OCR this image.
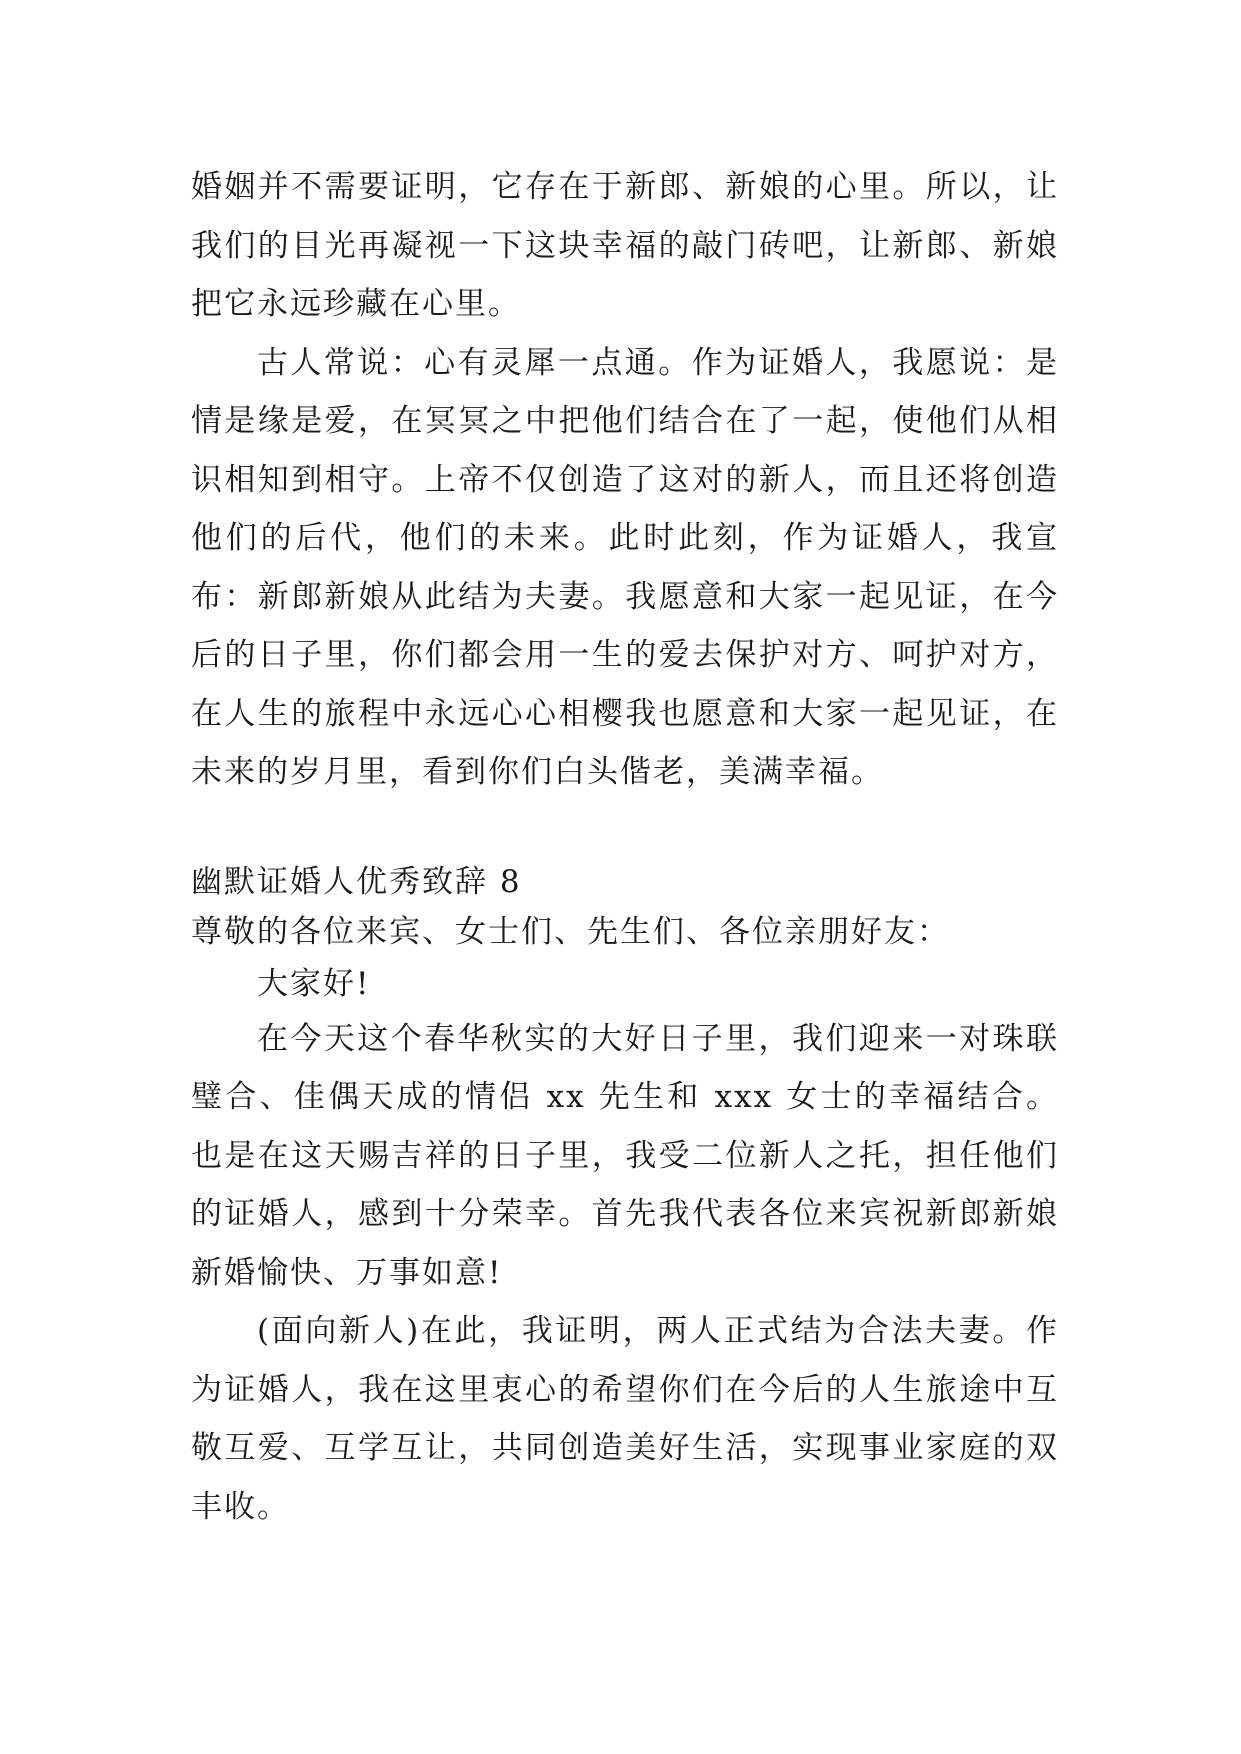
婚姻并不需要证明，它存在于新郎、新娘的心里。所以，让我们的目光再凝视一下这块幸福的敲门砖吧，让新郎、新娘把它永远珍藏在心里。

古人常说：心有灵犀一点通。作为证婚人，我愿说：是情是缘是爱，在冥冥之中把他们结合在了一起，使他们从相识相知到相守。上帝不仅创造了这对的新人，而且还将创造他们的后代，他们的未来。此时此刻，作为证婚人，我宣布：新郎新娘从此结为夫妻。我愿意和大家一起见证，在今后的日子里，你们都会用一生的爱去保护对方、呵护对方，在人生的旅程中永远心心相樱我也愿意和大家一起见证，在未来的岁月里，看到你们白头偕老，美满幸福。

幽默证婚人优秀致辞 8

尊敬的各位来宾、女士们、先生们、各位亲朋好友：

大家好!

在今天这个春华秋实的大好日子里，我们迎来一对珠联璧合、佳偶天成的情侣 xx 先生和 xxx 女士的幸福结合。也是在这天赐吉祥的日子里，我受二位新人之托，担任他们的证婚人，感到十分荣幸。首先我代表各位来宾祝新郎新娘新婚愉快、万事如意!

(面向新人)在此，我证明，两人正式结为合法夫妻。作为证婚人，我在这里衷心的希望你们在今后的人生旅途中互敬互爱、互学互让，共同创造美好生活，实现事业家庭的双丰收。
